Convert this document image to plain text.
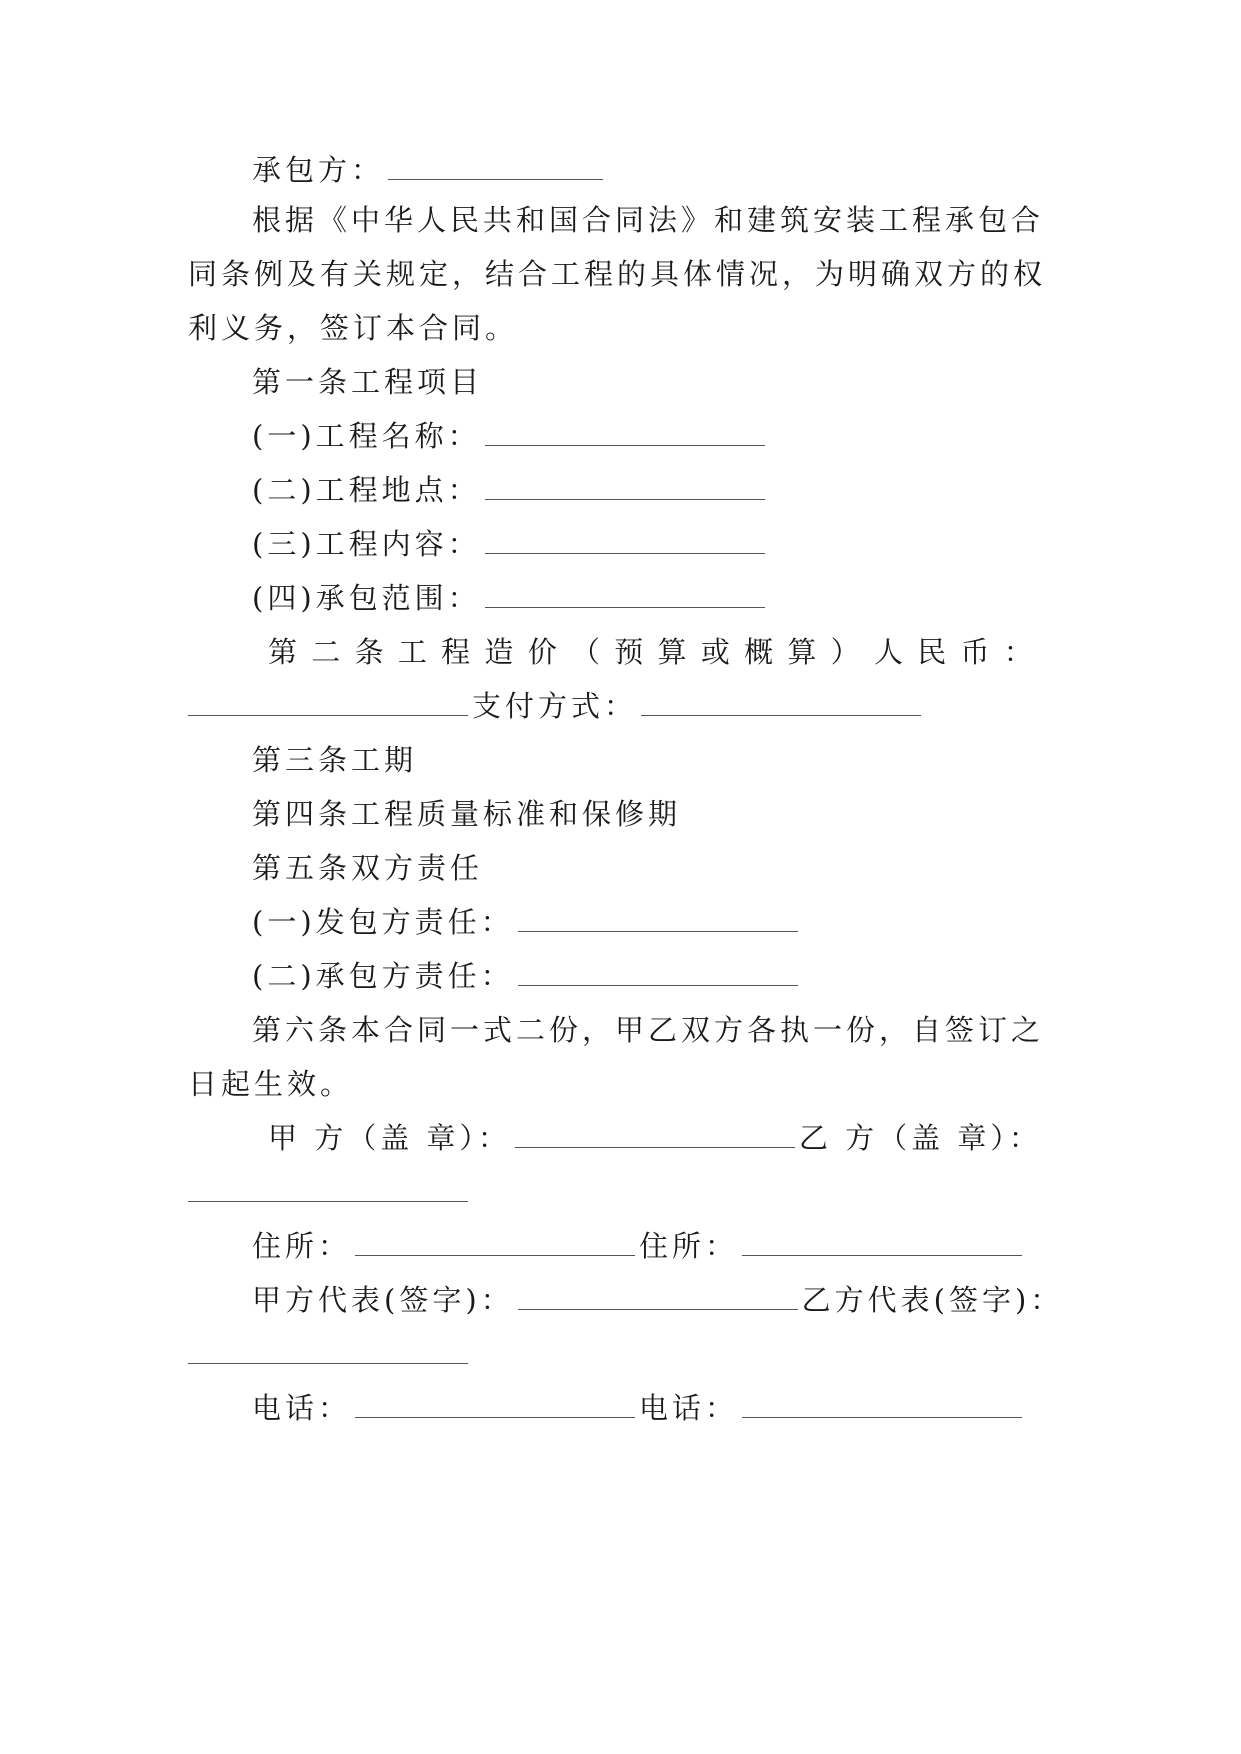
承包方：
根据《中华人民共和国合同法》和建筑安装工程承包合
同条例及有关规定，结合工程的具体情况，为明确双方的权
利义务，签订本合同。
第一条工程项目
(一)工程名称：
(二)工程地点：
(三)工程内容：
(四)承包范围：
第 二 条 工 程 造 价 （ 预 算 或 概 算 ） 人 民 币 ：
支付方式：
第三条工期
第四条工程质量标准和保修期
第五条双方责任
(一)发包方责任：
(二)承包方责任：
第六条本合同一式二份，甲乙双方各执一份，自签订之
日起生效。
甲 方（盖 章）：	乙 方（盖 章）：
住所：	住所：
甲方代表(签字)：	乙方代表(签字)：
电话：	电话：
